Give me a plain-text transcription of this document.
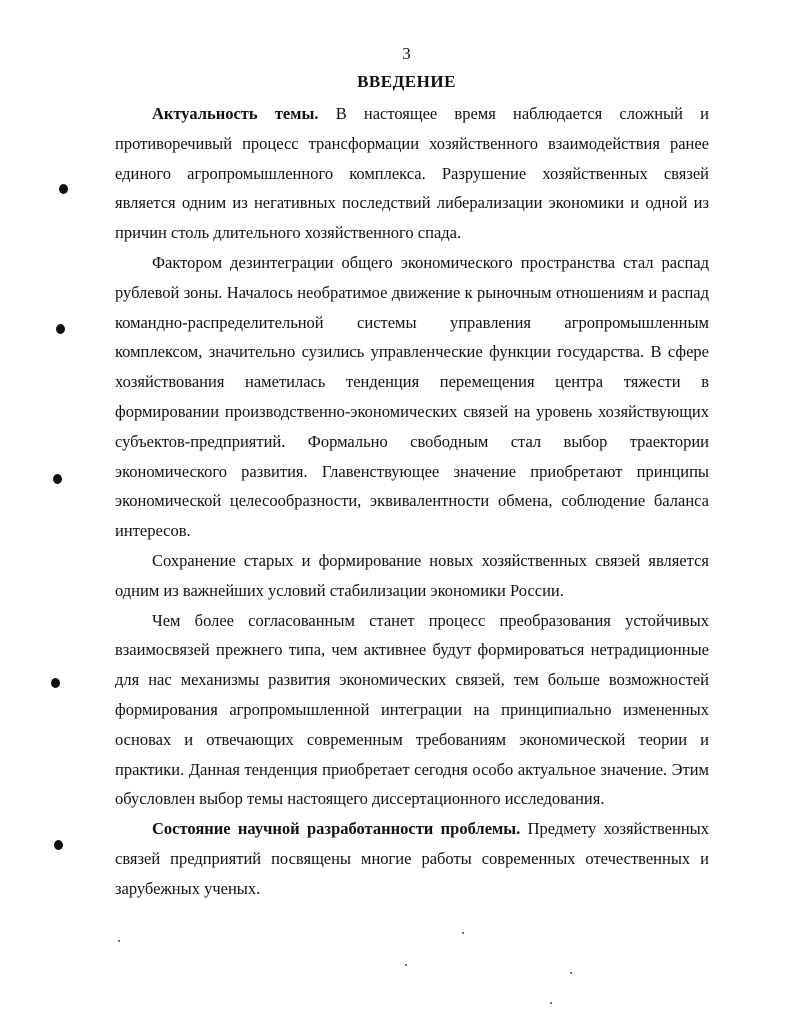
3
ВВЕДЕНИЕ

Актуальность темы. В настоящее время наблюдается сложный и противоречивый процесс трансформации хозяйственного взаимодействия ранее единого агропромышленного комплекса. Разрушение хозяйственных связей является одним из негативных последствий либерализации экономики и одной из причин столь длительного хозяйственного спада.

Фактором дезинтеграции общего экономического пространства стал распад рублевой зоны. Началось необратимое движение к рыночным отношениям и распад командно-распределительной системы управления агропромышленным комплексом, значительно сузились управленческие функции государства. В сфере хозяйствования наметилась тенденция перемещения центра тяжести в формировании производственно-экономических связей на уровень хозяйствующих субъектов-предприятий. Формально свободным стал выбор траектории экономического развития. Главенствующее значение приобретают принципы экономической целесообразности, эквивалентности обмена, соблюдение баланса интересов.

Сохранение старых и формирование новых хозяйственных связей является одним из важнейших условий стабилизации экономики России.

Чем более согласованным станет процесс преобразования устойчивых взаимосвязей прежнего типа, чем активнее будут формироваться нетрадиционные для нас механизмы развития экономических связей, тем больше возможностей формирования агропромышленной интеграции на принципиально измененных основах и отвечающих современным требованиям экономической теории и практики. Данная тенденция приобретает сегодня особо актуальное значение. Этим обусловлен выбор темы настоящего диссертационного исследования.

Состояние научной разработанности проблемы. Предмету хозяйственных связей предприятий посвящены многие работы современных отечественных и зарубежных ученых.
